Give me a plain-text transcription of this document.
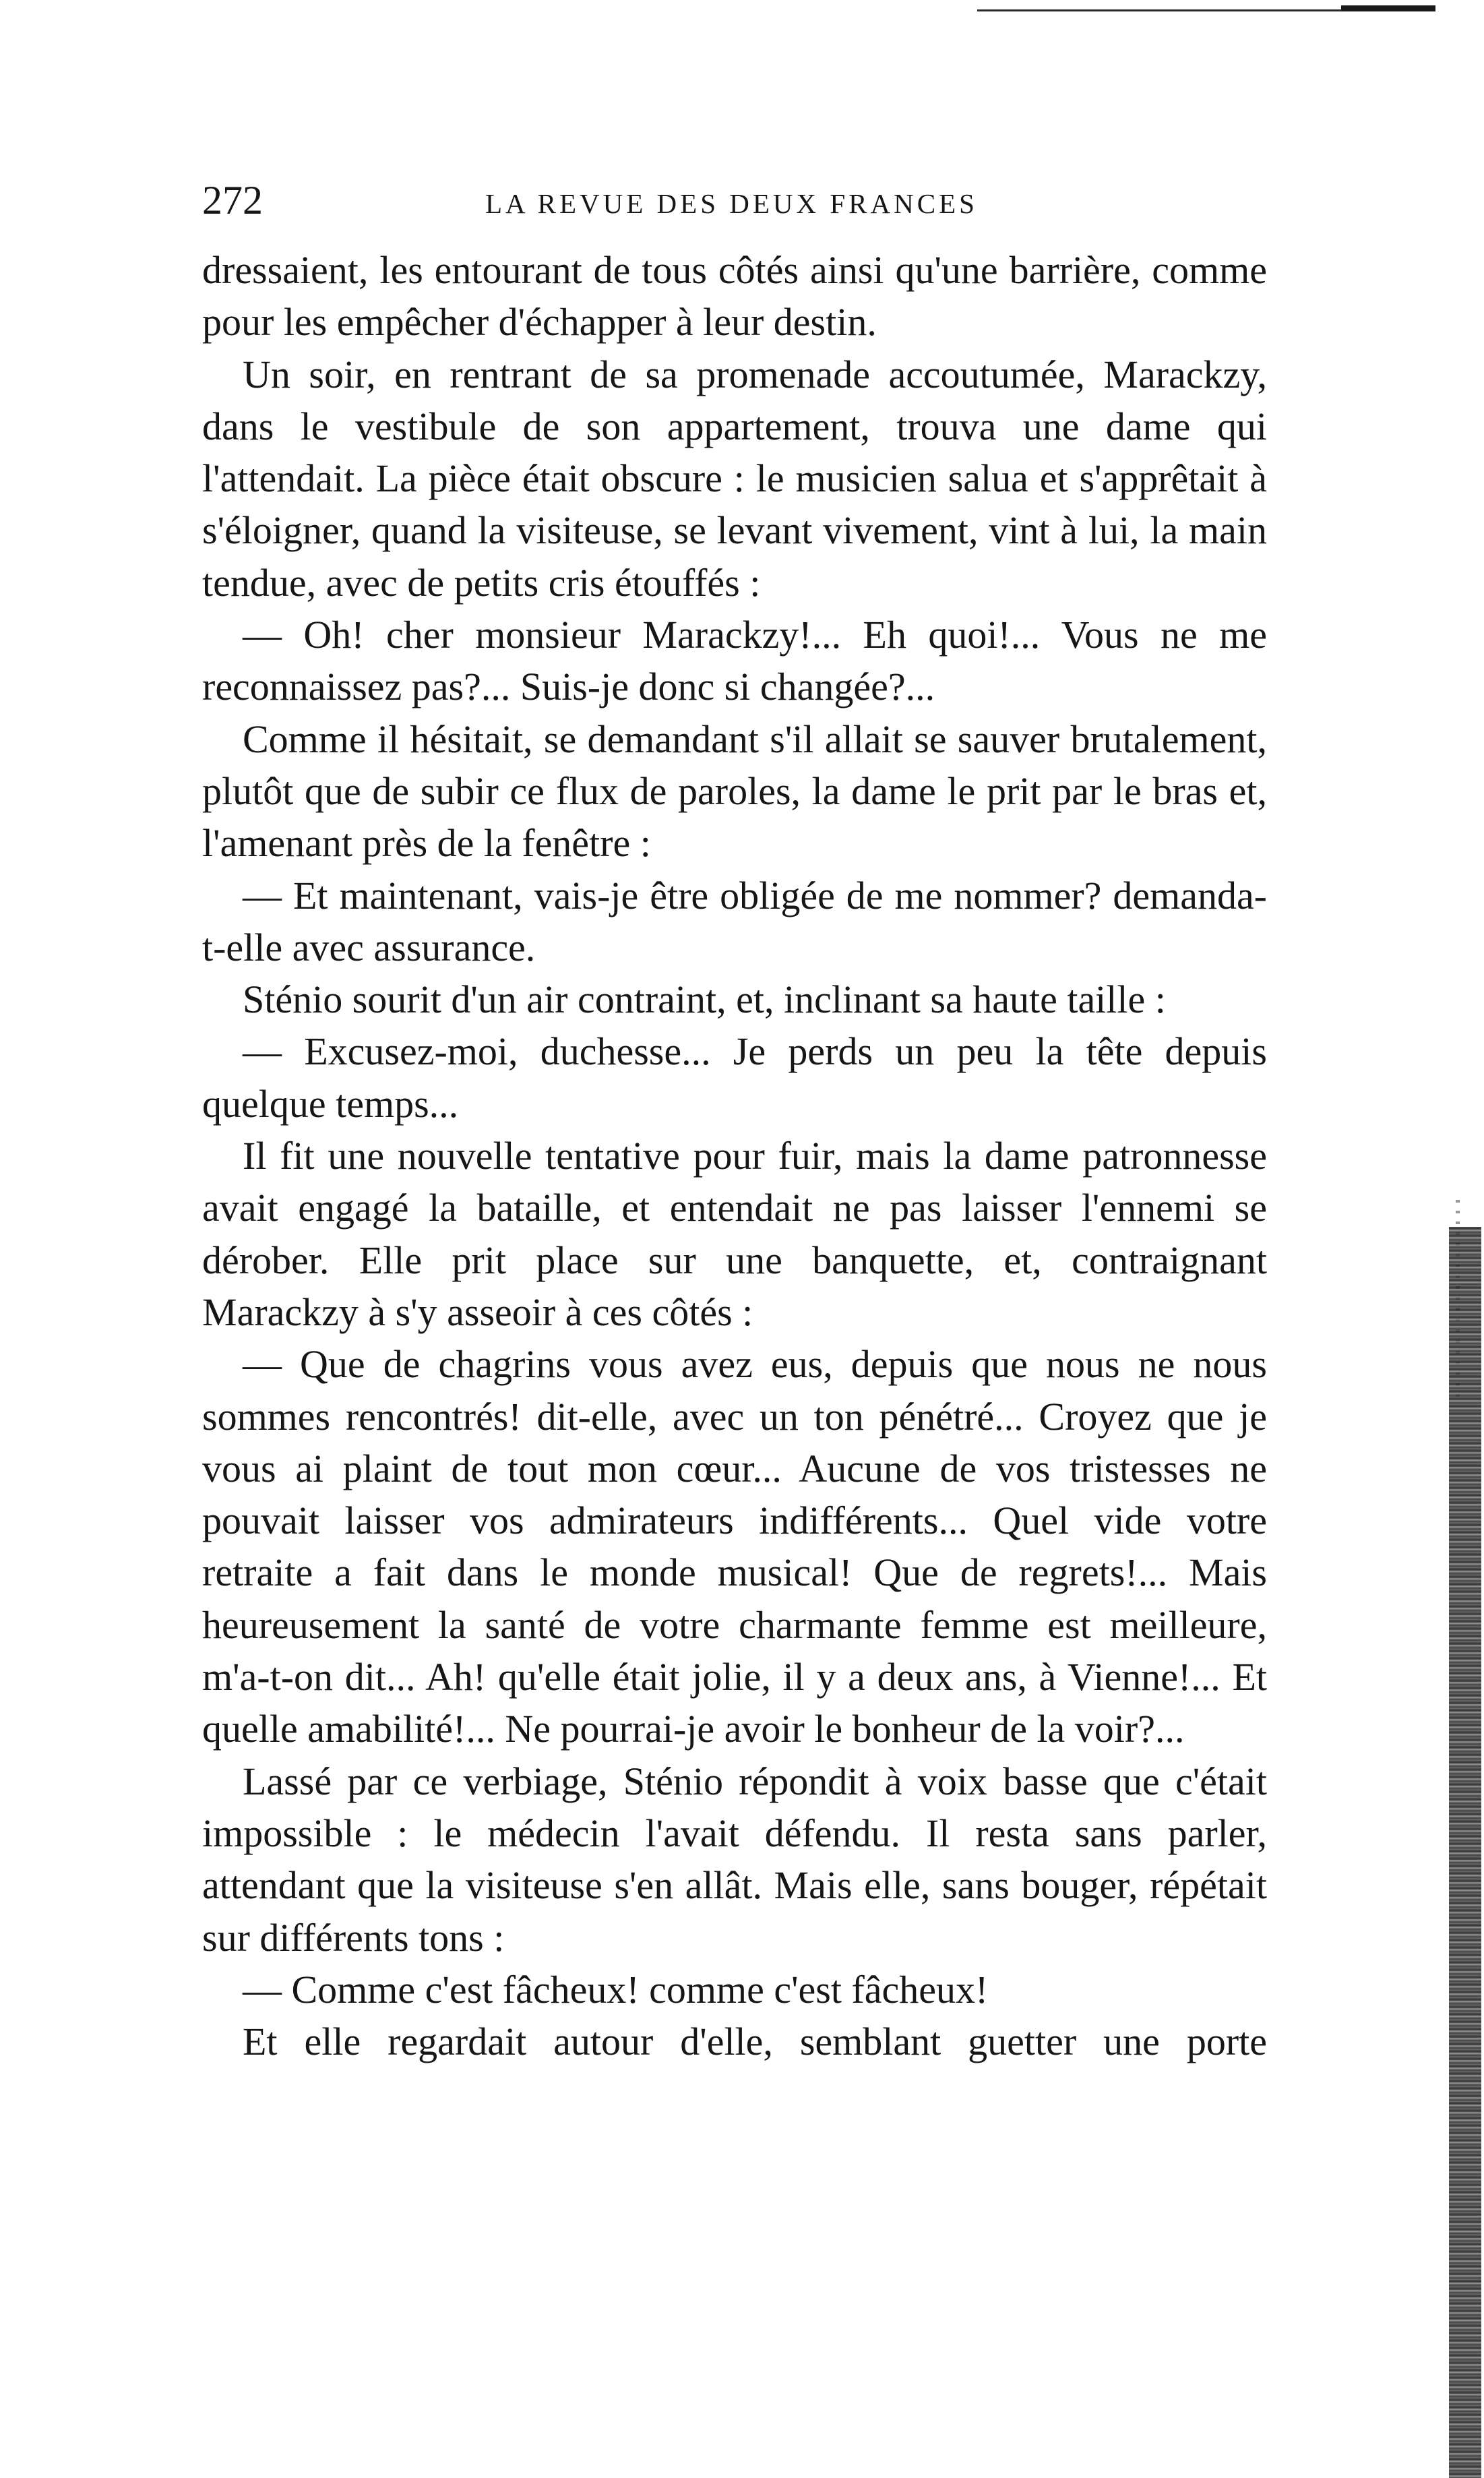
272	LA REVUE DES DEUX FRANCES

dressaient, les entourant de tous côtés ainsi qu'une barrière, comme pour les empêcher d'échapper à leur destin.

Un soir, en rentrant de sa promenade accoutumée, Marackzy, dans le vestibule de son appartement, trouva une dame qui l'attendait. La pièce était obscure : le musicien salua et s'apprêtait à s'éloigner, quand la visiteuse, se levant vivement, vint à lui, la main tendue, avec de petits cris étouffés :

— Oh! cher monsieur Marackzy!... Eh quoi!... Vous ne me reconnaissez pas?... Suis-je donc si changée?...

Comme il hésitait, se demandant s'il allait se sauver brutalement, plutôt que de subir ce flux de paroles, la dame le prit par le bras et, l'amenant près de la fenêtre :

— Et maintenant, vais-je être obligée de me nommer? demanda-t-elle avec assurance.

Sténio sourit d'un air contraint, et, inclinant sa haute taille :

— Excusez-moi, duchesse... Je perds un peu la tête depuis quelque temps...

Il fit une nouvelle tentative pour fuir, mais la dame patronnesse avait engagé la bataille, et entendait ne pas laisser l'ennemi se dérober. Elle prit place sur une banquette, et, contraignant Marackzy à s'y asseoir à ces côtés :

— Que de chagrins vous avez eus, depuis que nous ne nous sommes rencontrés! dit-elle, avec un ton pénétré... Croyez que je vous ai plaint de tout mon cœur... Aucune de vos tristesses ne pouvait laisser vos admirateurs indifférents... Quel vide votre retraite a fait dans le monde musical! Que de regrets!... Mais heureusement la santé de votre charmante femme est meilleure, m'a-t-on dit... Ah! qu'elle était jolie, il y a deux ans, à Vienne!... Et quelle amabilité!... Ne pourrai-je avoir le bonheur de la voir?...

Lassé par ce verbiage, Sténio répondit à voix basse que c'était impossible : le médecin l'avait défendu. Il resta sans parler, attendant que la visiteuse s'en allât. Mais elle, sans bouger, répétait sur différents tons :

— Comme c'est fâcheux! comme c'est fâcheux!

Et elle regardait autour d'elle, semblant guetter une porte
